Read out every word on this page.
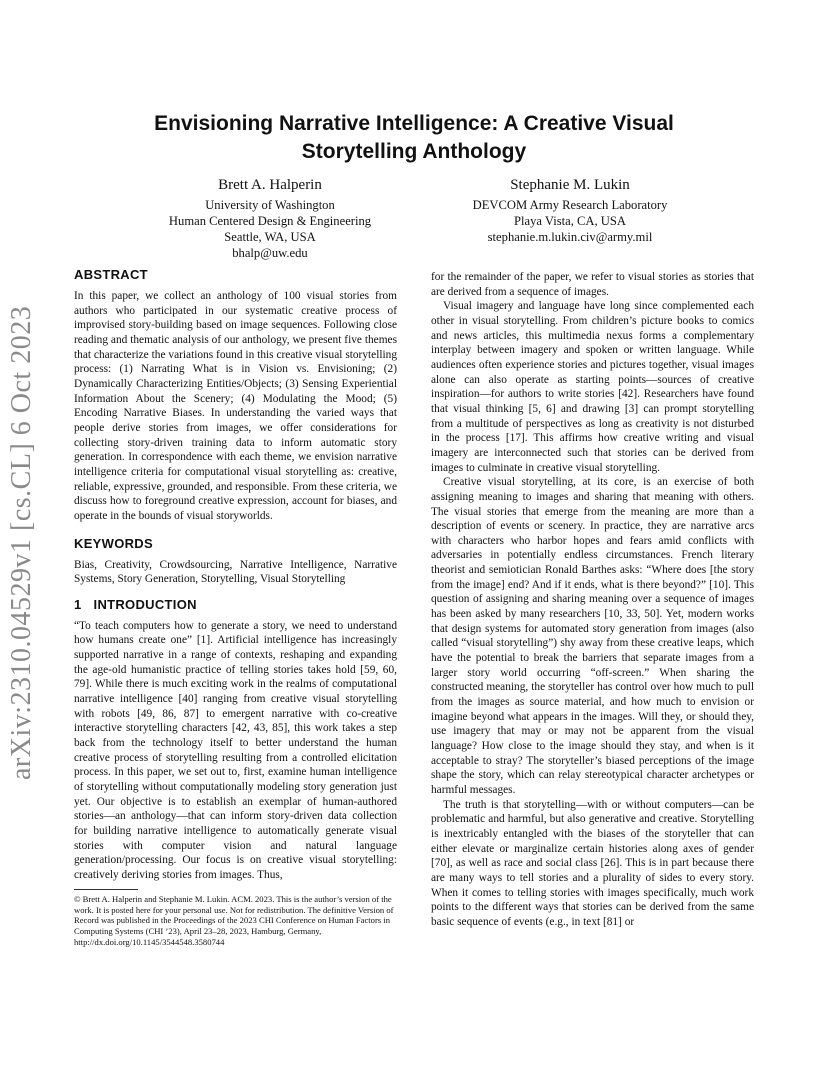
arXiv:2310.04529v1 [cs.CL] 6 Oct 2023
Envisioning Narrative Intelligence: A Creative Visual
Storytelling Anthology
Brett A. Halperin
University of Washington
Human Centered Design & Engineering
Seattle, WA, USA
bhalp@uw.edu
Stephanie M. Lukin
DEVCOM Army Research Laboratory
Playa Vista, CA, USA
stephanie.m.lukin.civ@army.mil
ABSTRACT

In this paper, we collect an anthology of 100 visual stories from authors who participated in our systematic creative process of improvised story-building based on image sequences. Following close reading and thematic analysis of our anthology, we present five themes that characterize the variations found in this creative visual storytelling process: (1) Narrating What is in Vision vs. Envisioning; (2) Dynamically Characterizing Entities/Objects; (3) Sensing Experiential Information About the Scenery; (4) Modulating the Mood; (5) Encoding Narrative Biases. In understanding the varied ways that people derive stories from images, we offer considerations for collecting story-driven training data to inform automatic story generation. In correspondence with each theme, we envision narrative intelligence criteria for computational visual storytelling as: creative, reliable, expressive, grounded, and responsible. From these criteria, we discuss how to foreground creative expression, account for biases, and operate in the bounds of visual storyworlds.

KEYWORDS

Bias, Creativity, Crowdsourcing, Narrative Intelligence, Narrative Systems, Story Generation, Storytelling, Visual Storytelling

1 INTRODUCTION

“To teach computers how to generate a story, we need to understand how humans create one” [1]. Artificial intelligence has increasingly supported narrative in a range of contexts, reshaping and expanding the age-old humanistic practice of telling stories takes hold [59, 60, 79]. While there is much exciting work in the realms of computational narrative intelligence [40] ranging from creative visual storytelling with robots [49, 86, 87] to emergent narrative with co-creative interactive storytelling characters [42, 43, 85], this work takes a step back from the technology itself to better understand the human creative process of storytelling resulting from a controlled elicitation process. In this paper, we set out to, first, examine human intelligence of storytelling without computationally modeling story generation just yet. Our objective is to establish an exemplar of human-authored stories—an anthology—that can inform story-driven data collection for building narrative intelligence to automatically generate visual stories with computer vision and natural language generation/processing. Our focus is on creative visual storytelling: creatively deriving stories from images. Thus,

© Brett A. Halperin and Stephanie M. Lukin. ACM. 2023. This is the author’s version of the work. It is posted here for your personal use. Not for redistribution. The definitive Version of Record was published in the Proceedings of the 2023 CHI Conference on Human Factors in Computing Systems (CHI ’23), April 23–28, 2023, Hamburg, Germany, http://dx.doi.org/10.1145/3544548.3580744

for the remainder of the paper, we refer to visual stories as stories that are derived from a sequence of images.

Visual imagery and language have long since complemented each other in visual storytelling. From children’s picture books to comics and news articles, this multimedia nexus forms a complementary interplay between imagery and spoken or written language. While audiences often experience stories and pictures together, visual images alone can also operate as starting points—sources of creative inspiration—for authors to write stories [42]. Researchers have found that visual thinking [5, 6] and drawing [3] can prompt storytelling from a multitude of perspectives as long as creativity is not disturbed in the process [17]. This affirms how creative writing and visual imagery are interconnected such that stories can be derived from images to culminate in creative visual storytelling.

Creative visual storytelling, at its core, is an exercise of both assigning meaning to images and sharing that meaning with others. The visual stories that emerge from the meaning are more than a description of events or scenery. In practice, they are narrative arcs with characters who harbor hopes and fears amid conflicts with adversaries in potentially endless circumstances. French literary theorist and semiotician Ronald Barthes asks: “Where does [the story from the image] end? And if it ends, what is there beyond?” [10]. This question of assigning and sharing meaning over a sequence of images has been asked by many researchers [10, 33, 50]. Yet, modern works that design systems for automated story generation from images (also called “visual storytelling”) shy away from these creative leaps, which have the potential to break the barriers that separate images from a larger story world occurring “off-screen.” When sharing the constructed meaning, the storyteller has control over how much to pull from the images as source material, and how much to envision or imagine beyond what appears in the images. Will they, or should they, use imagery that may or may not be apparent from the visual language? How close to the image should they stay, and when is it acceptable to stray? The storyteller’s biased perceptions of the image shape the story, which can relay stereotypical character archetypes or harmful messages.

The truth is that storytelling—with or without computers—can be problematic and harmful, but also generative and creative. Storytelling is inextricably entangled with the biases of the storyteller that can either elevate or marginalize certain histories along axes of gender [70], as well as race and social class [26]. This is in part because there are many ways to tell stories and a plurality of sides to every story. When it comes to telling stories with images specifically, much work points to the different ways that stories can be derived from the same basic sequence of events (e.g., in text [81] or
